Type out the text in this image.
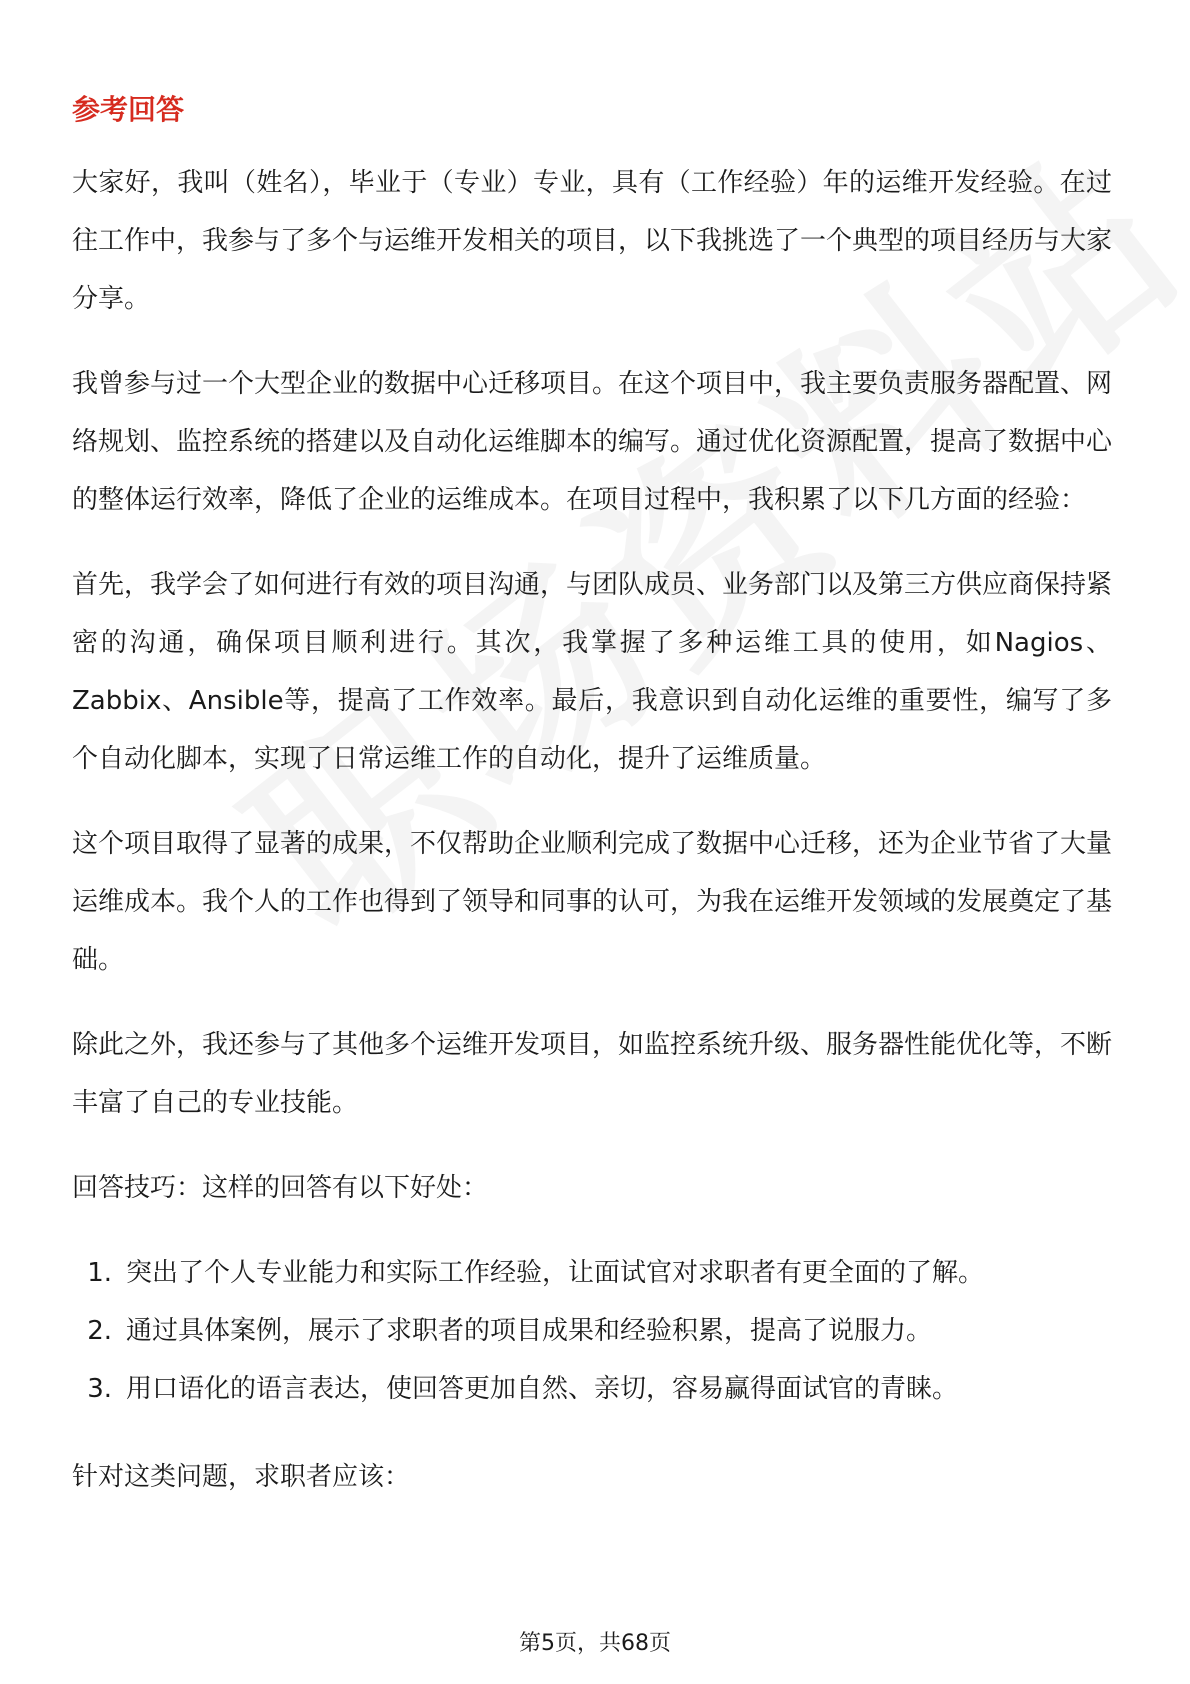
参考回答

大家好，我叫（姓名），毕业于（专业）专业，具有（工作经验）年的运维开发经验。在过往工作中，我参与了多个与运维开发相关的项目，以下我挑选了一个典型的项目经历与大家分享。

我曾参与过一个大型企业的数据中心迁移项目。在这个项目中，我主要负责服务器配置、网络规划、监控系统的搭建以及自动化运维脚本的编写。通过优化资源配置，提高了数据中心的整体运行效率，降低了企业的运维成本。在项目过程中，我积累了以下几方面的经验：

首先，我学会了如何进行有效的项目沟通，与团队成员、业务部门以及第三方供应商保持紧密的沟通，确保项目顺利进行。其次，我掌握了多种运维工具的使用，如Nagios、Zabbix、Ansible等，提高了工作效率。最后，我意识到自动化运维的重要性，编写了多个自动化脚本，实现了日常运维工作的自动化，提升了运维质量。

这个项目取得了显著的成果，不仅帮助企业顺利完成了数据中心迁移，还为企业节省了大量运维成本。我个人的工作也得到了领导和同事的认可，为我在运维开发领域的发展奠定了基础。

除此之外，我还参与了其他多个运维开发项目，如监控系统升级、服务器性能优化等，不断丰富了自己的专业技能。

回答技巧：这样的回答有以下好处：

1. 突出了个人专业能力和实际工作经验，让面试官对求职者有更全面的了解。
2. 通过具体案例，展示了求职者的项目成果和经验积累，提高了说服力。
3. 用口语化的语言表达，使回答更加自然、亲切，容易赢得面试官的青睐。

针对这类问题，求职者应该：

第5页，共68页
